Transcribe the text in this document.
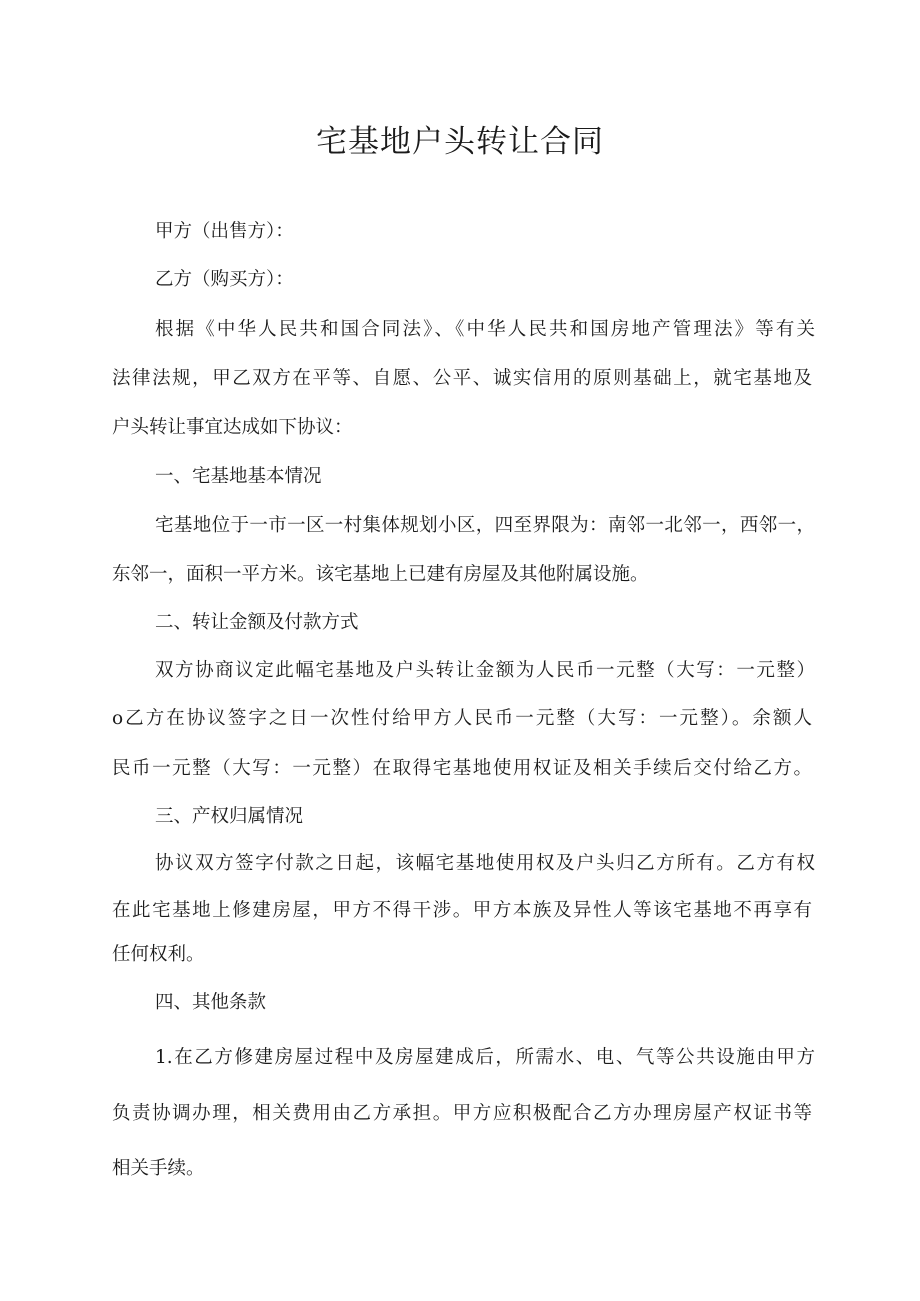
宅基地户头转让合同

甲方（出售方）：

乙方（购买方）：

根据《中华人民共和国合同法》、《中华人民共和国房地产管理法》等有关

法律法规，甲乙双方在平等、自愿、公平、诚实信用的原则基础上，就宅基地及

户头转让事宜达成如下协议：

一、宅基地基本情况

宅基地位于一市一区一村集体规划小区，四至界限为：南邻一北邻一，西邻一，

东邻一，面积一平方米。该宅基地上已建有房屋及其他附属设施。

二、转让金额及付款方式

双方协商议定此幅宅基地及户头转让金额为人民币一元整（大写：一元整）

o乙方在协议签字之日一次性付给甲方人民币一元整（大写：一元整）。余额人

民币一元整（大写：一元整）在取得宅基地使用权证及相关手续后交付给乙方。

三、产权归属情况

协议双方签字付款之日起，该幅宅基地使用权及户头归乙方所有。乙方有权

在此宅基地上修建房屋，甲方不得干涉。甲方本族及异性人等该宅基地不再享有

任何权利。

四、其他条款

1.在乙方修建房屋过程中及房屋建成后，所需水、电、气等公共设施由甲方

负责协调办理，相关费用由乙方承担。甲方应积极配合乙方办理房屋产权证书等

相关手续。
